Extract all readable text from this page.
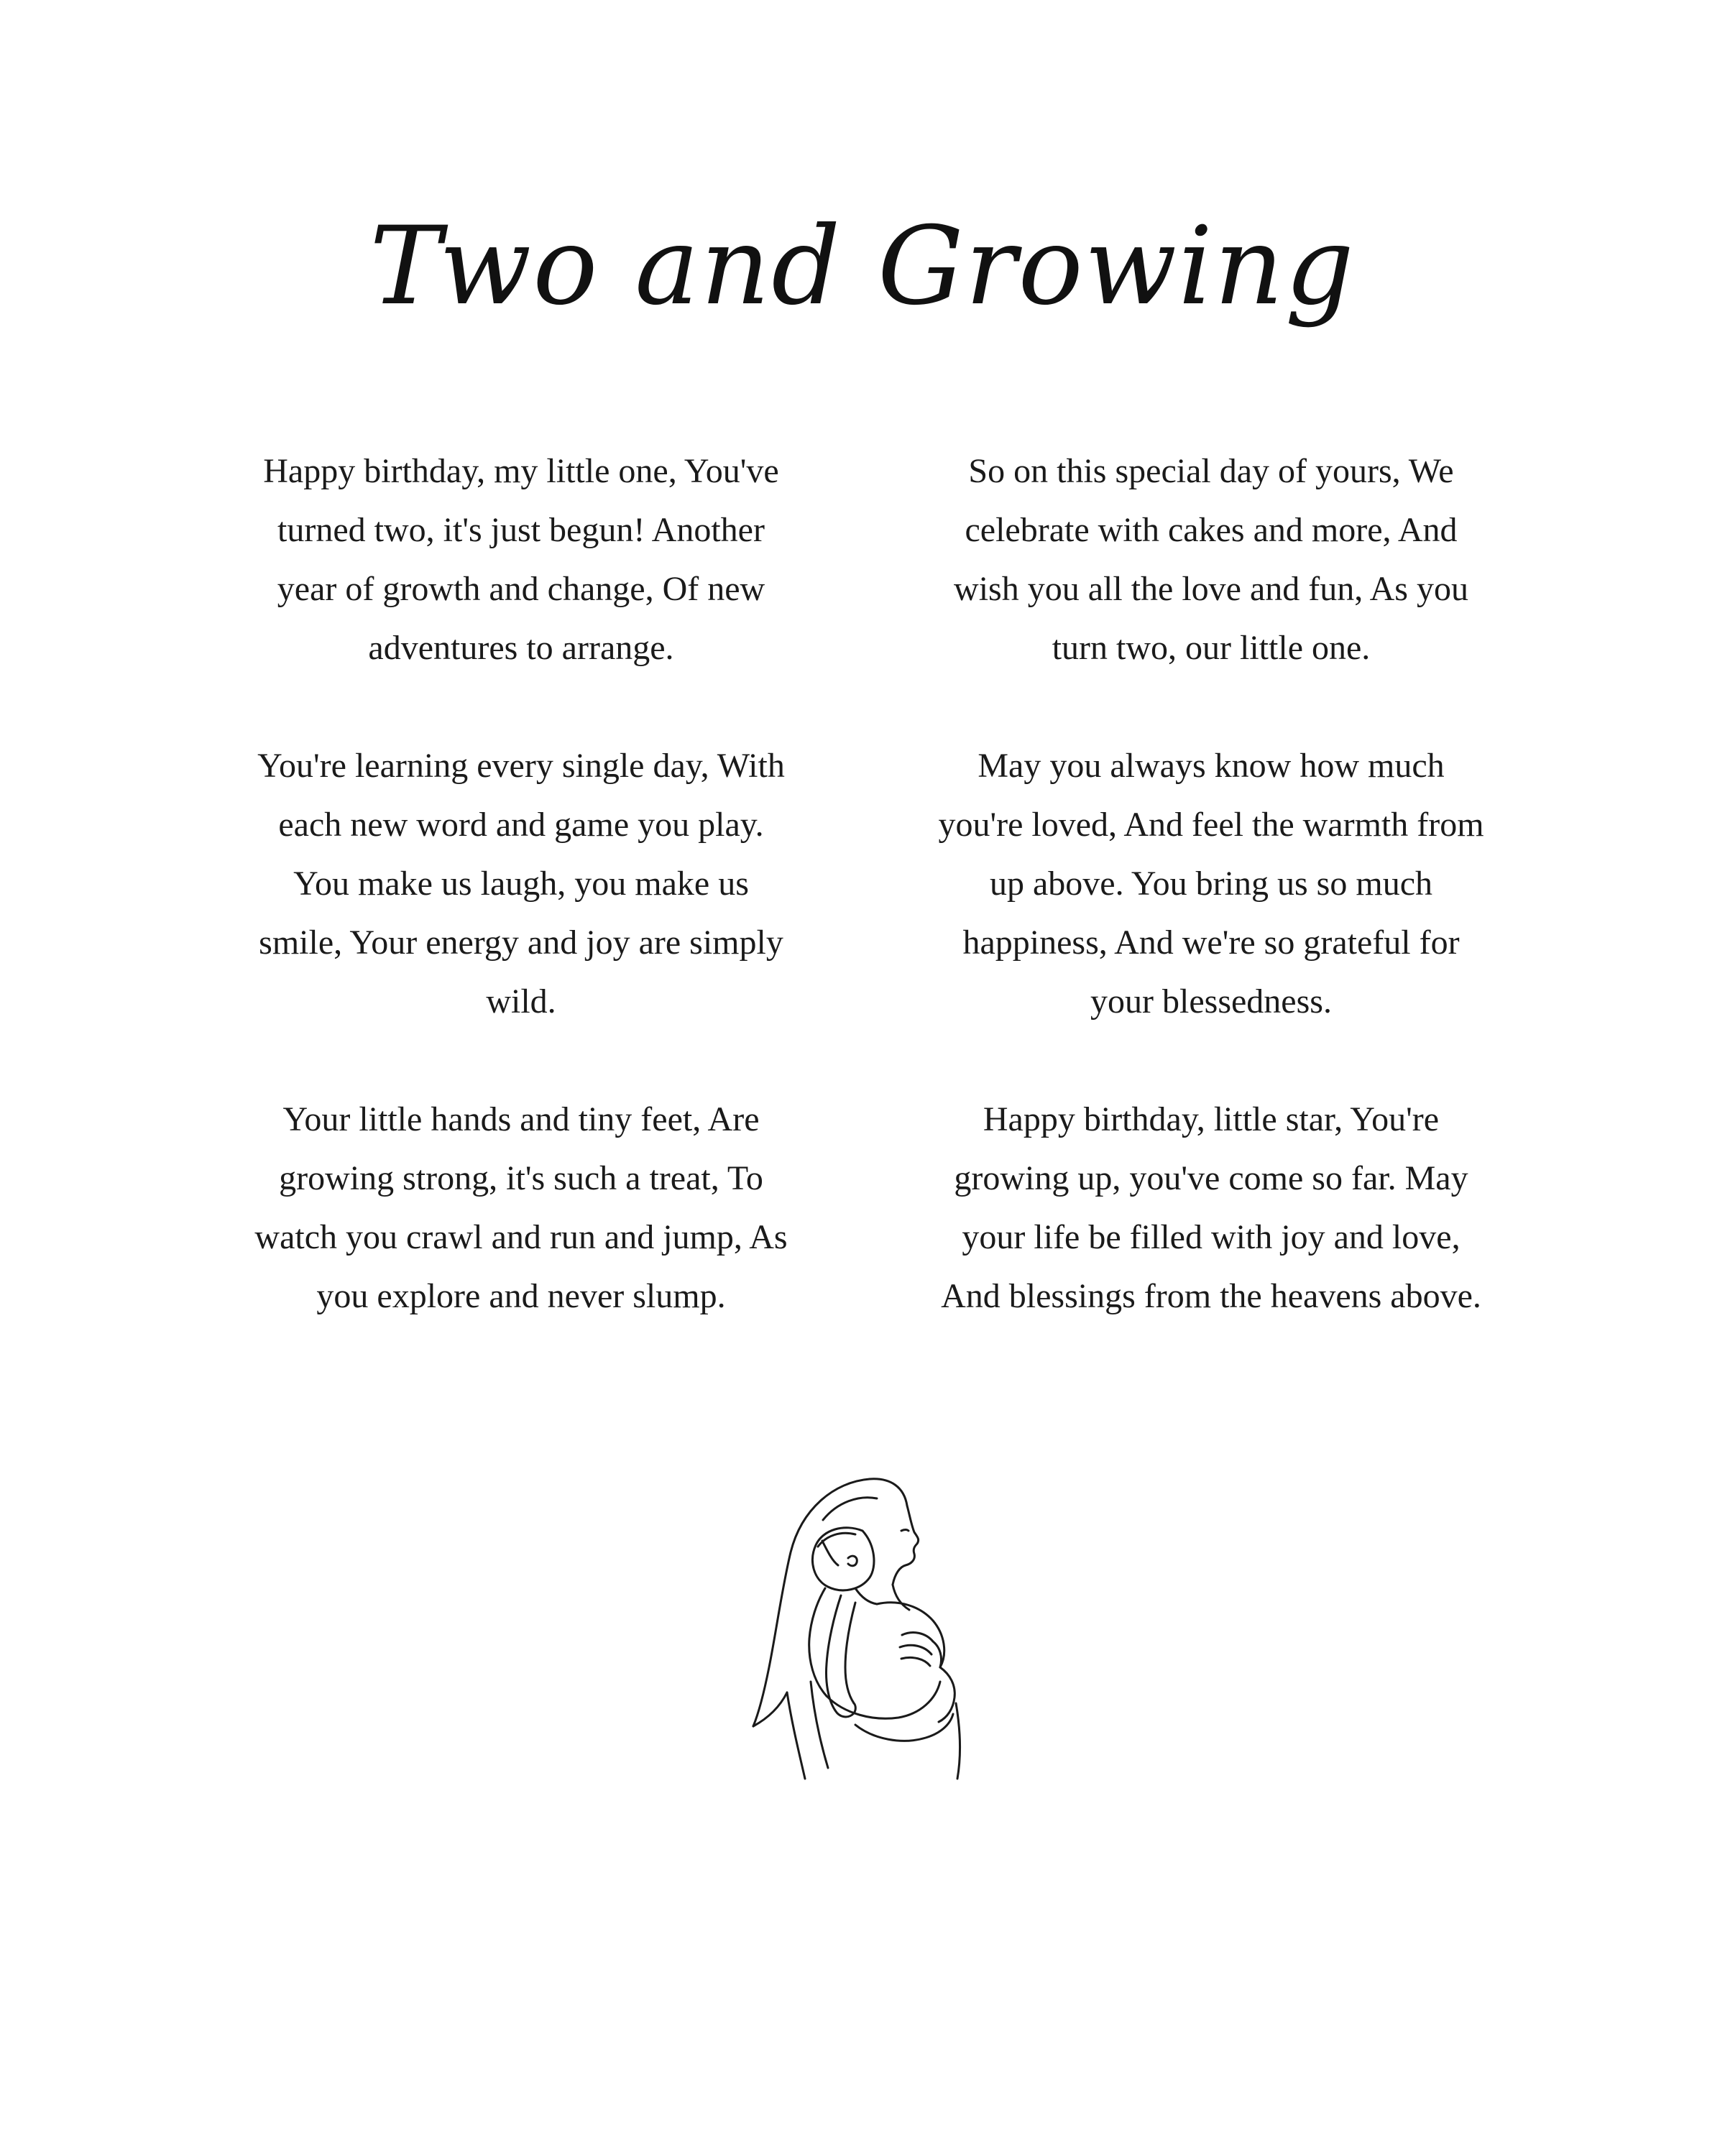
Two and Growing

Happy birthday, my little one, You've turned two, it's just begun! Another year of growth and change, Of new adventures to arrange.

You're learning every single day, With each new word and game you play. You make us laugh, you make us smile, Your energy and joy are simply wild.

Your little hands and tiny feet, Are growing strong, it's such a treat, To watch you crawl and run and jump, As you explore and never slump.

So on this special day of yours, We celebrate with cakes and more, And wish you all the love and fun, As you turn two, our little one.

May you always know how much you're loved, And feel the warmth from up above. You bring us so much happiness, And we're so grateful for your blessedness.

Happy birthday, little star, You're growing up, you've come so far. May your life be filled with joy and love, And blessings from the heavens above.
